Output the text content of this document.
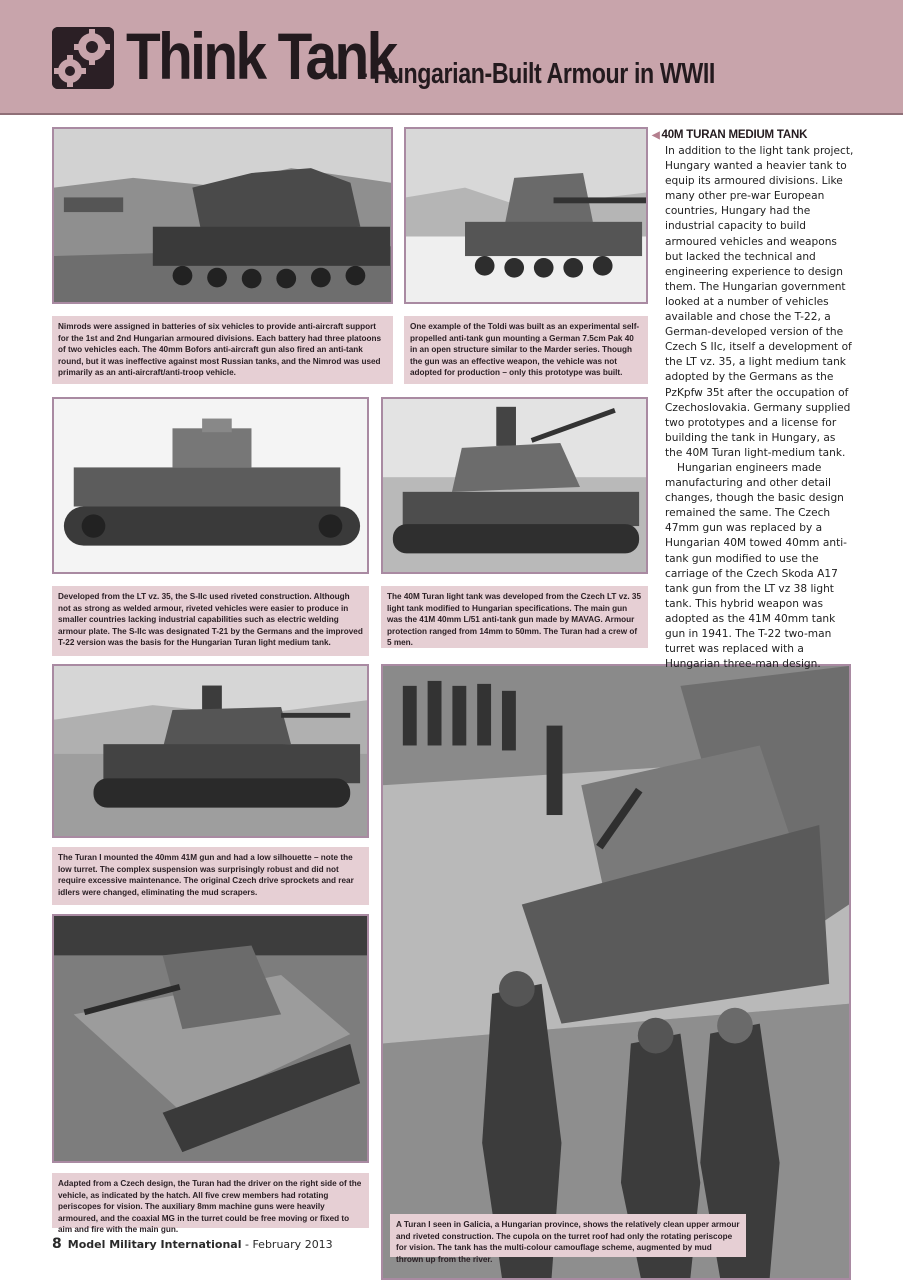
Think Tank
- Hungarian-Built Armour in WWII
Nimrods were assigned in batteries of six vehicles to provide anti-aircraft support for the 1st and 2nd Hungarian armoured divisions. Each battery had three platoons of two vehicles each. The 40mm Bofors anti-aircraft gun also fired an anti-tank round, but it was ineffective against most Russian tanks, and the Nimrod was used primarily as an anti-aircraft/anti-troop vehicle.
One example of the Toldi was built as an experimental self-propelled anti-tank gun mounting a German 7.5cm Pak 40 in an open structure similar to the Marder series. Though the gun was an effective weapon, the vehicle was not adopted for production – only this prototype was built.
Developed from the LT vz. 35, the S-IIc used riveted construction. Although not as strong as welded armour, riveted vehicles were easier to produce in smaller countries lacking industrial capabilities such as electric welding armour plate. The S-IIc was designated T-21 by the Germans and the improved T-22 version was the basis for the Hungarian Turan light medium tank.
The 40M Turan light tank was developed from the Czech LT vz. 35 light tank modified to Hungarian specifications. The main gun was the 41M 40mm L/51 anti-tank gun made by MAVAG. Armour protection ranged from 14mm to 50mm. The Turan had a crew of 5 men.
The Turan I mounted the 40mm 41M gun and had a low silhouette – note the low turret. The complex suspension was surprisingly robust and did not require excessive maintenance. The original Czech drive sprockets and rear idlers were changed, eliminating the mud scrapers.
Adapted from a Czech design, the Turan had the driver on the right side of the vehicle, as indicated by the hatch. All five crew members had rotating periscopes for vision. The auxiliary 8mm machine guns were heavily armoured, and the coaxial MG in the turret could be free moving or fixed to aim and fire with the main gun.
A Turan I seen in Galicia, a Hungarian province, shows the relatively clean upper armour and riveted construction. The cupola on the turret roof had only the rotating periscope for vision. The tank has the multi-colour camouflage scheme, augmented by mud thrown up from the river.
◀ 40M TURAN MEDIUM TANK

In addition to the light tank project, Hungary wanted a heavier tank to equip its armoured divisions. Like many other pre-war European countries, Hungary had the industrial capacity to build armoured vehicles and weapons but lacked the technical and engineering experience to design them. The Hungarian government looked at a number of vehicles available and chose the T-22, a German-developed version of the Czech S IIc, itself a development of the LT vz. 35, a light medium tank adopted by the Germans as the PzKpfw 35t after the occupation of Czechoslovakia. Germany supplied two prototypes and a license for building the tank in Hungary, as the 40M Turan light-medium tank.

Hungarian engineers made manufacturing and other detail changes, though the basic design remained the same. The Czech 47mm gun was replaced by a Hungarian 40M towed 40mm anti-tank gun modified to use the carriage of the Czech Skoda A17 tank gun from the LT vz 38 light tank. This hybrid weapon was adopted as the 41M 40mm tank gun in 1941. The T-22 two-man turret was replaced with a Hungarian three-man design.

8 Model Military International - February 2013
